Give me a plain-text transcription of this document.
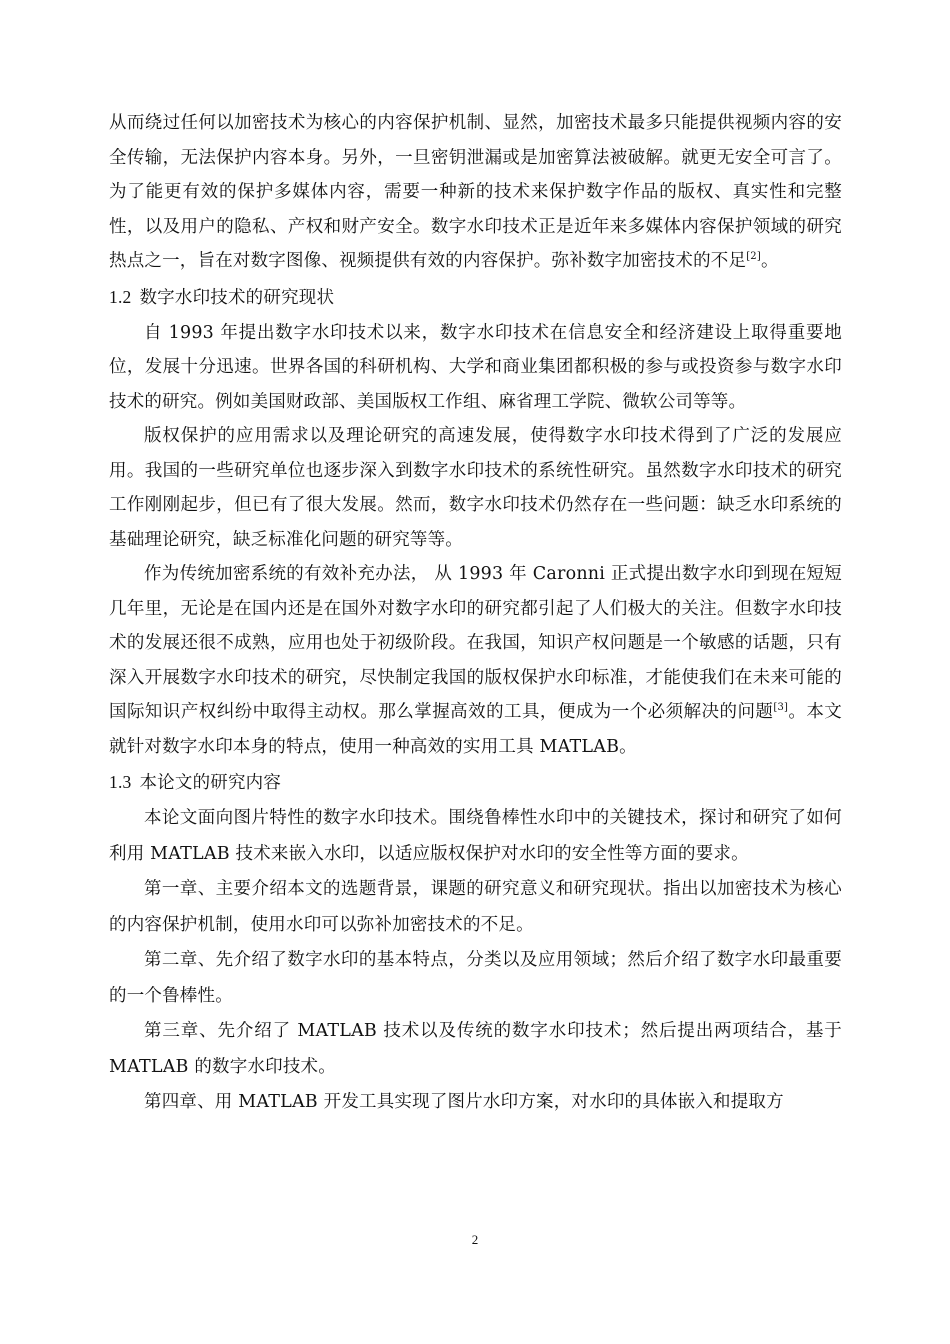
从而绕过任何以加密技术为核心的内容保护机制、显然，加密技术最多只能提供视频内容的安全传输，无法保护内容本身。另外，一旦密钥泄漏或是加密算法被破解。就更无安全可言了。为了能更有效的保护多媒体内容，需要一种新的技术来保护数字作品的版权、真实性和完整性，以及用户的隐私、产权和财产安全。数字水印技术正是近年来多媒体内容保护领域的研究热点之一，旨在对数字图像、视频提供有效的内容保护。弥补数字加密技术的不足[2]。

1.2 数字水印技术的研究现状

自 1993 年提出数字水印技术以来，数字水印技术在信息安全和经济建设上取得重要地位，发展十分迅速。世界各国的科研机构、大学和商业集团都积极的参与或投资参与数字水印技术的研究。例如美国财政部、美国版权工作组、麻省理工学院、微软公司等等。

版权保护的应用需求以及理论研究的高速发展，使得数字水印技术得到了广泛的发展应用。我国的一些研究单位也逐步深入到数字水印技术的系统性研究。虽然数字水印技术的研究工作刚刚起步，但已有了很大发展。然而，数字水印技术仍然存在一些问题：缺乏水印系统的基础理论研究，缺乏标准化问题的研究等等。

作为传统加密系统的有效补充办法， 从 1993 年 Caronni 正式提出数字水印到现在短短几年里，无论是在国内还是在国外对数字水印的研究都引起了人们极大的关注。但数字水印技术的发展还很不成熟，应用也处于初级阶段。在我国，知识产权问题是一个敏感的话题，只有深入开展数字水印技术的研究，尽快制定我国的版权保护水印标准，才能使我们在未来可能的国际知识产权纠纷中取得主动权。那么掌握高效的工具，便成为一个必须解决的问题[3]。本文就针对数字水印本身的特点，使用一种高效的实用工具 MATLAB。

1.3 本论文的研究内容

本论文面向图片特性的数字水印技术。围绕鲁棒性水印中的关键技术，探讨和研究了如何利用 MATLAB 技术来嵌入水印，以适应版权保护对水印的安全性等方面的要求。

第一章、主要介绍本文的选题背景，课题的研究意义和研究现状。指出以加密技术为核心的内容保护机制，使用水印可以弥补加密技术的不足。

第二章、先介绍了数字水印的基本特点，分类以及应用领域；然后介绍了数字水印最重要的一个鲁棒性。

第三章、先介绍了 MATLAB 技术以及传统的数字水印技术；然后提出两项结合，基于 MATLAB 的数字水印技术。

第四章、用 MATLAB 开发工具实现了图片水印方案，对水印的具体嵌入和提取方

2
